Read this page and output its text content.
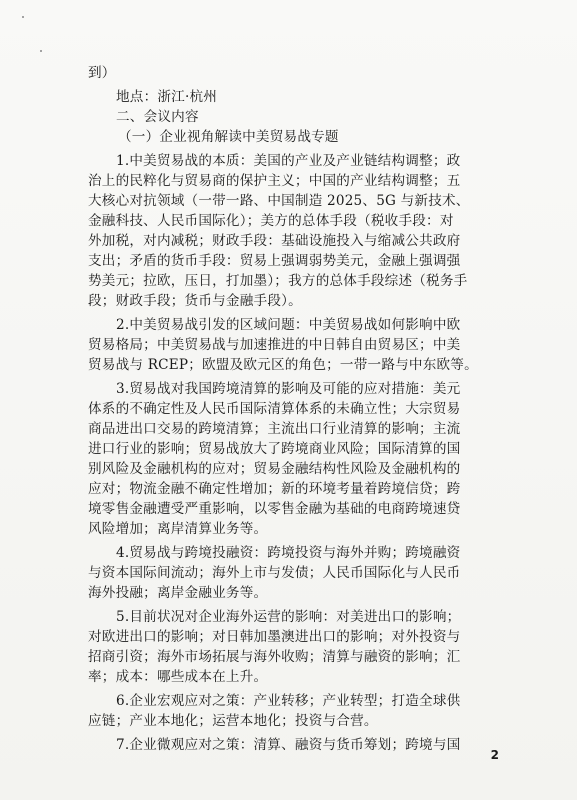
到）
地点：浙江·杭州
二、会议内容
（一）企业视角解读中美贸易战专题
1.中美贸易战的本质：美国的产业及产业链结构调整；政
治上的民粹化与贸易商的保护主义；中国的产业结构调整；五
大核心对抗领域（一带一路、中国制造 2025、5G 与新技术、
金融科技、人民币国际化）；美方的总体手段（税收手段：对
外加税，对内减税；财政手段：基础设施投入与缩减公共政府
支出；矛盾的货币手段：贸易上强调弱势美元，金融上强调强
势美元；拉欧，压日，打加墨）；我方的总体手段综述（税务手
段；财政手段；货币与金融手段）。
2.中美贸易战引发的区域问题：中美贸易战如何影响中欧
贸易格局；中美贸易战与加速推进的中日韩自由贸易区；中美
贸易战与 RCEP；欧盟及欧元区的角色；一带一路与中东欧等。
3.贸易战对我国跨境清算的影响及可能的应对措施：美元
体系的不确定性及人民币国际清算体系的未确立性；大宗贸易
商品进出口交易的跨境清算；主流出口行业清算的影响；主流
进口行业的影响；贸易战放大了跨境商业风险；国际清算的国
别风险及金融机构的应对；贸易金融结构性风险及金融机构的
应对；物流金融不确定性增加；新的环境考量着跨境信贷；跨
境零售金融遭受严重影响，以零售金融为基础的电商跨境速贷
风险增加；离岸清算业务等。
4.贸易战与跨境投融资：跨境投资与海外并购；跨境融资
与资本国际间流动；海外上市与发债；人民币国际化与人民币
海外投融；离岸金融业务等。
5.目前状况对企业海外运营的影响：对美进出口的影响；
对欧进出口的影响；对日韩加墨澳进出口的影响；对外投资与
招商引资；海外市场拓展与海外收购；清算与融资的影响；汇
率；成本：哪些成本在上升。
6.企业宏观应对之策：产业转移；产业转型；打造全球供
应链；产业本地化；运营本地化；投资与合营。
7.企业微观应对之策：清算、融资与货币筹划；跨境与国
2
